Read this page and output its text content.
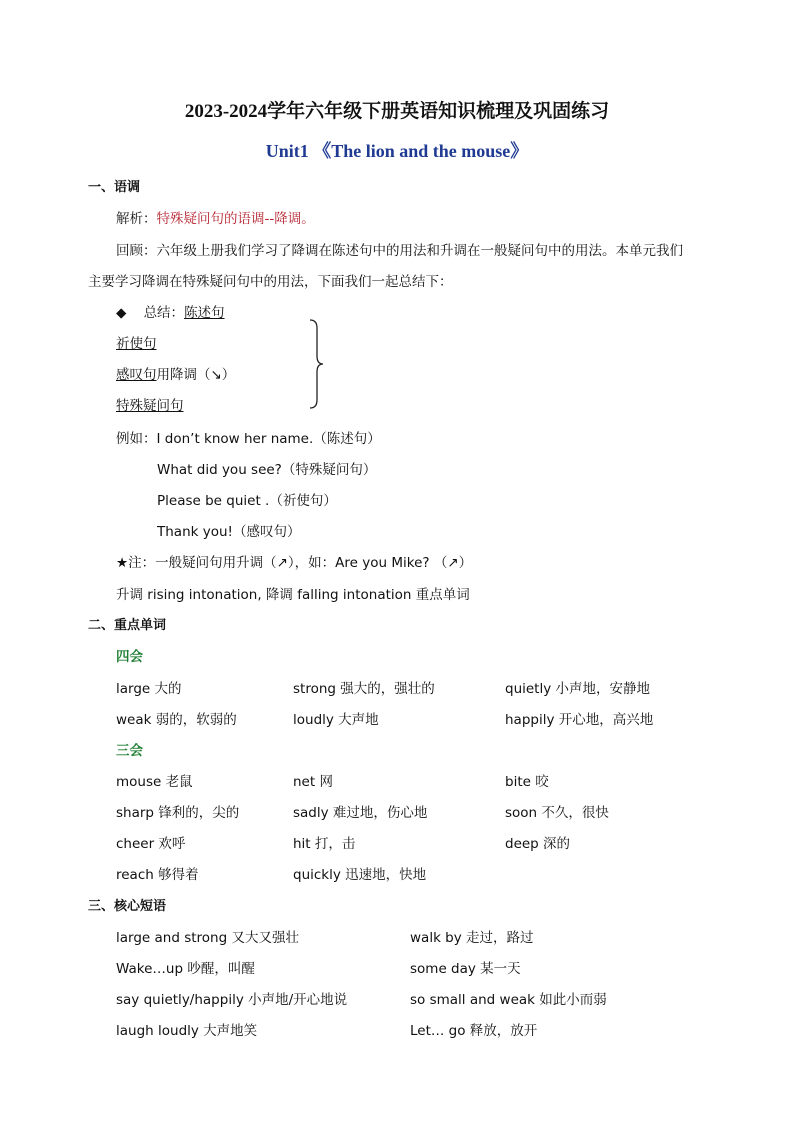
2023-2024学年六年级下册英语知识梳理及巩固练习
Unit1 《The lion and the mouse》
一、语调
解析：特殊疑问句的语调--降调。
回顾：六年级上册我们学习了降调在陈述句中的用法和升调在一般疑问句中的用法。本单元我们
主要学习降调在特殊疑问句中的用法，下面我们一起总结下：
◆ 总结：陈述句
祈使句
感叹句用降调（↘）
特殊疑问句
例如：I don’t know her name.（陈述句）
What did you see?（特殊疑问句）
Please be quiet .（祈使句）
Thank you!（感叹句）
★注：一般疑问句用升调（↗），如：Are you Mike? （↗）
升调 rising intonation, 降调 falling intonation 重点单词
二、重点单词
四会
large 大的	strong 强大的，强壮的	quietly 小声地，安静地
weak 弱的，软弱的	loudly 大声地	happily 开心地，高兴地
三会
mouse 老鼠	net 网	bite 咬
sharp 锋利的，尖的	sadly 难过地，伤心地	soon 不久，很快
cheer 欢呼	hit 打，击	deep 深的
reach 够得着	quickly 迅速地，快地
三、核心短语
large and strong 又大又强壮	walk by 走过，路过
Wake…up 吵醒，叫醒	some day 某一天
say quietly/happily 小声地/开心地说	so small and weak 如此小而弱
laugh loudly 大声地笑	Let… go 释放，放开
